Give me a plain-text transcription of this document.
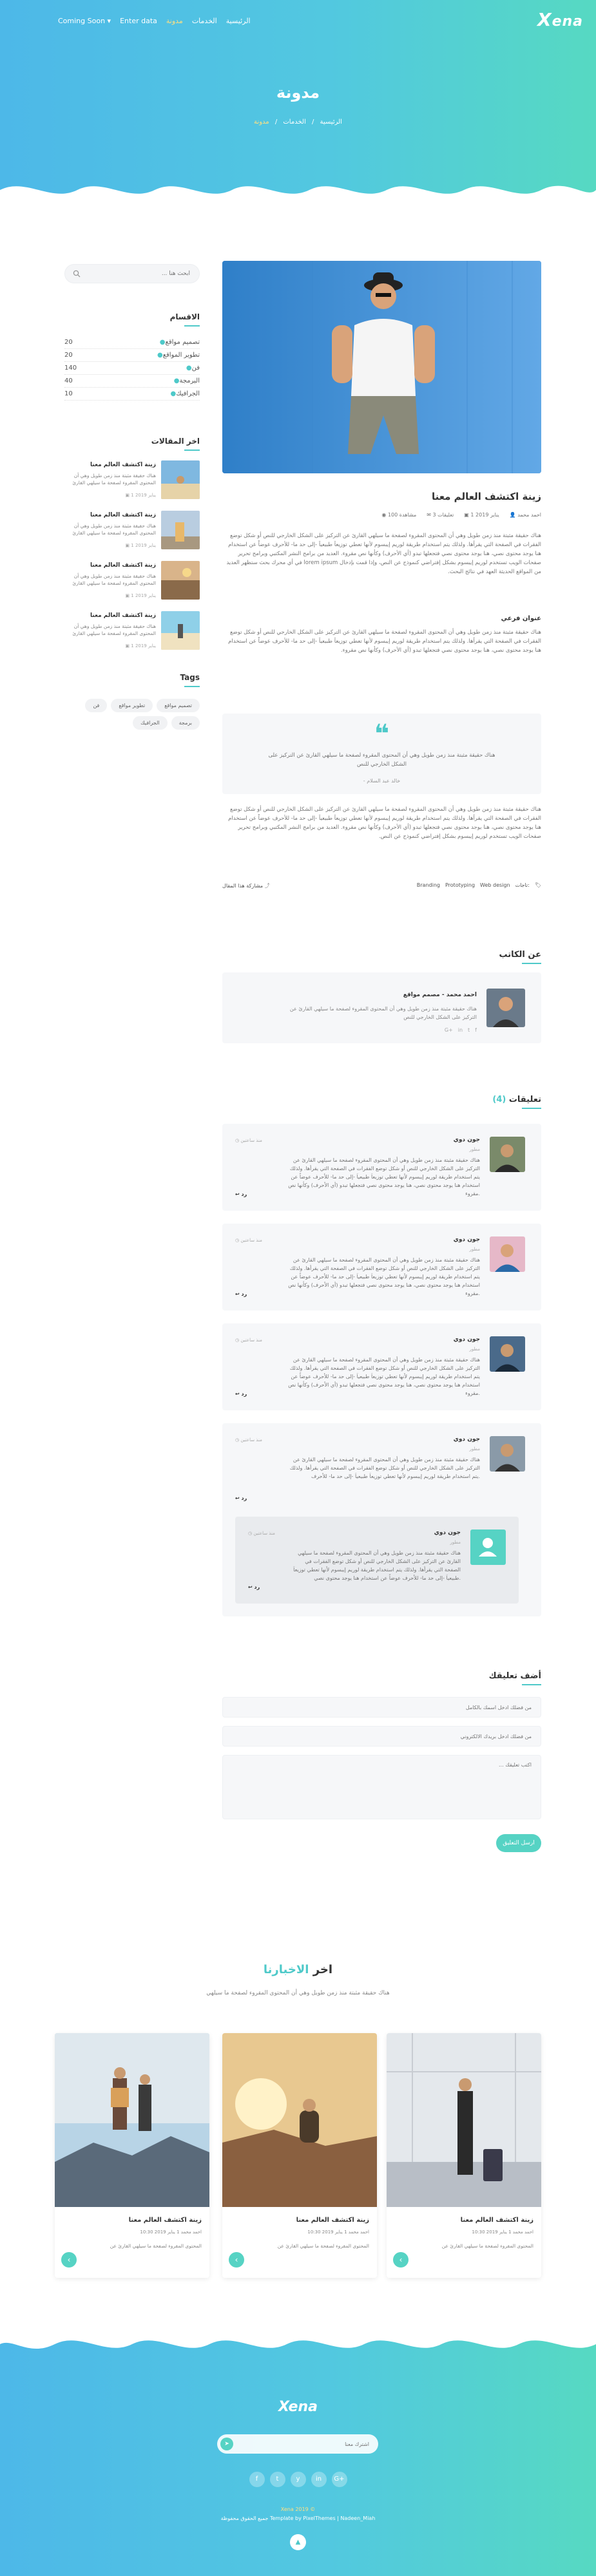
Xena
الرئيسية
الخدمات
مدونة
Enter data
Coming Soon ▾
مدونة
الرئيسية / الخدمات / مدونة
ابحث هنا ...
الاقسام
●تصميم مواقع
20
●تطوير المواقع
20
●فن
140
●البرمجة
40
●الجرافيك
10
اخر المقالات
زينة اكتشف العالم معنا
هناك حقيقة مثبتة منذ زمن طويل وهي أن المحتوى المقروء لصفحة ما سيلهي القارئ
▣ 1 يناير 2019
زينة اكتشف العالم معنا
هناك حقيقة مثبتة منذ زمن طويل وهي أن المحتوى المقروء لصفحة ما سيلهي القارئ
▣ 1 يناير 2019
زينة اكتشف العالم معنا
هناك حقيقة مثبتة منذ زمن طويل وهي أن المحتوى المقروء لصفحة ما سيلهي القارئ
▣ 1 يناير 2019
زينة اكتشف العالم معنا
هناك حقيقة مثبتة منذ زمن طويل وهي أن المحتوى المقروء لصفحة ما سيلهي القارئ
▣ 1 يناير 2019
Tags
تصميم مواقع
تطوير مواقع
فن
برمجة
الجرافيك
زينة اكتشف العالم معنا
👤 احمد محمد
▣ 1 يناير 2019
✉ 3 تعليقات
◉ 100 مشاهدة
هناك حقيقة مثبتة منذ زمن طويل وهي أن المحتوى المقروء لصفحة ما سيلهي القارئ عن التركيز على الشكل الخارجي للنص أو شكل توضع الفقرات في الصفحة التي يقرأها. ولذلك يتم استخدام طريقة لوريم إيبسوم لأنها تعطي توزيعاَ طبيعياَ -إلى حد ما- للأحرف عوضاً عن استخدام هنا يوجد محتوى نصي، هنا يوجد محتوى نصي فتجعلها تبدو (أي الأحرف) وكأنها نص مقروء. العديد من برامح النشر المكتبي وبرامح تحرير صفحات الويب تستخدم لوريم إيبسوم بشكل إفتراضي كنموذج عن النص، وإذا قمت بإدخال lorem ipsum في أي محرك بحث ستظهر العديد من المواقع الحديثة العهد في نتائج البحث.
عنوان فرعي
هناك حقيقة مثبتة منذ زمن طويل وهي أن المحتوى المقروء لصفحة ما سيلهي القارئ عن التركيز على الشكل الخارجي للنص أو شكل توضع الفقرات في الصفحة التي يقرأها. ولذلك يتم استخدام طريقة لوريم إيبسوم لأنها تعطي توزيعاَ طبيعياَ -إلى حد ما- للأحرف عوضاً عن استخدام هنا يوجد محتوى نصي، هنا يوجد محتوى نصي فتجعلها تبدو (أي الأحرف) وكأنها نص مقروء.
❝
هناك حقيقة مثبتة منذ زمن طويل وهي أن المحتوى المقروء لصفحة ما سيلهي القارئ عن التركيز على الشكل الخارجي للنص
- خالد عبد السلام
هناك حقيقة مثبتة منذ زمن طويل وهي أن المحتوى المقروء لصفحة ما سيلهي القارئ عن التركيز على الشكل الخارجي للنص أو شكل توضع الفقرات في الصفحة التي يقرأها. ولذلك يتم استخدام طريقة لوريم إيبسوم لأنها تعطي توزيعاَ طبيعياَ -إلى حد ما- للأحرف عوضاً عن استخدام هنا يوجد محتوى نصي، هنا يوجد محتوى نصي فتجعلها تبدو (أي الأحرف) وكأنها نص مقروء. العديد من برامح النشر المكتبي وبرامح تحرير صفحات الويب تستخدم لوريم إيبسوم بشكل إفتراضي كنموذج عن النص.
🏷
تاجات:
Web design
Prototyping
Branding
مشاركة هذا المقال ⤴
عن الكاتب
احمد محمد - مصمم مواقع
هناك حقيقة مثبتة منذ زمن طويل وهي أن المحتوى المقروء لصفحة ما سيلهي القارئ عن التركيز على الشكل الخارجي للنص
f
t
in
G+
تعليقات (4)
جون دوي
مطور
◷ منذ ساعتين
هناك حقيقة مثبتة منذ زمن طويل وهي أن المحتوى المقروء لصفحة ما سيلهي القارئ عن التركيز على الشكل الخارجي للنص أو شكل توضع الفقرات في الصفحة التي يقرأها. ولذلك يتم استخدام طريقة لوريم إيبسوم لأنها تعطي توزيعاَ طبيعياَ -إلى حد ما- للأحرف عوضاً عن استخدام هنا يوجد محتوى نصي، هنا يوجد محتوى نصي فتجعلها تبدو (أي الأحرف) وكأنها نص مقروء.
↩ رد
جون دوي
مطور
◷ منذ ساعتين
هناك حقيقة مثبتة منذ زمن طويل وهي أن المحتوى المقروء لصفحة ما سيلهي القارئ عن التركيز على الشكل الخارجي للنص أو شكل توضع الفقرات في الصفحة التي يقرأها. ولذلك يتم استخدام طريقة لوريم إيبسوم لأنها تعطي توزيعاَ طبيعياَ -إلى حد ما- للأحرف عوضاً عن استخدام هنا يوجد محتوى نصي، هنا يوجد محتوى نصي فتجعلها تبدو (أي الأحرف) وكأنها نص مقروء.
↩ رد
جون دوي
مطور
◷ منذ ساعتين
هناك حقيقة مثبتة منذ زمن طويل وهي أن المحتوى المقروء لصفحة ما سيلهي القارئ عن التركيز على الشكل الخارجي للنص أو شكل توضع الفقرات في الصفحة التي يقرأها. ولذلك يتم استخدام طريقة لوريم إيبسوم لأنها تعطي توزيعاَ طبيعياَ -إلى حد ما- للأحرف عوضاً عن استخدام هنا يوجد محتوى نصي، هنا يوجد محتوى نصي فتجعلها تبدو (أي الأحرف) وكأنها نص مقروء.
↩ رد
جون دوي
مطور
◷ منذ ساعتين
هناك حقيقة مثبتة منذ زمن طويل وهي أن المحتوى المقروء لصفحة ما سيلهي القارئ عن التركيز على الشكل الخارجي للنص أو شكل توضع الفقرات في الصفحة التي يقرأها. ولذلك يتم استخدام طريقة لوريم إيبسوم لأنها تعطي توزيعاَ طبيعياَ -إلى حد ما- للأحرف.
↩ رد
جون دوي
مطور
◷ منذ ساعتين
هناك حقيقة مثبتة منذ زمن طويل وهي أن المحتوى المقروء لصفحة ما سيلهي القارئ عن التركيز على الشكل الخارجي للنص أو شكل توضع الفقرات في الصفحة التي يقرأها. ولذلك يتم استخدام طريقة لوريم إيبسوم لأنها تعطي توزيعاَ طبيعياَ -إلى حد ما- للأحرف عوضاً عن استخدام هنا يوجد محتوى نصي.
↩ رد
أضف تعليقك
من فضلك ادخل اسمك بالكامل
من فضلك ادخل بريدك الالكتروني
اكتب تعليقك ...
ارسل التعليق
اخر الاخبارنا
هناك حقيقة مثبتة منذ زمن طويل وهي أن المحتوى المقروء لصفحة ما سيلهي
زينة اكتشف العالم معنا
احمد محمد 1 يناير 2019 10:30
المحتوى المقروء لصفحة ما سيلهي القارئ عن
‹
زينة اكتشف العالم معنا
احمد محمد 1 يناير 2019 10:30
المحتوى المقروء لصفحة ما سيلهي القارئ عن
‹
زينة اكتشف العالم معنا
احمد محمد 1 يناير 2019 10:30
المحتوى المقروء لصفحة ما سيلهي القارئ عن
‹
Xena
اشترك معنا
➤
f	t	y	in	G+
Xena 2019 ©
جميع الحقوق محفوظة Template by PixelThemes | Nadeen_Miah
▲
